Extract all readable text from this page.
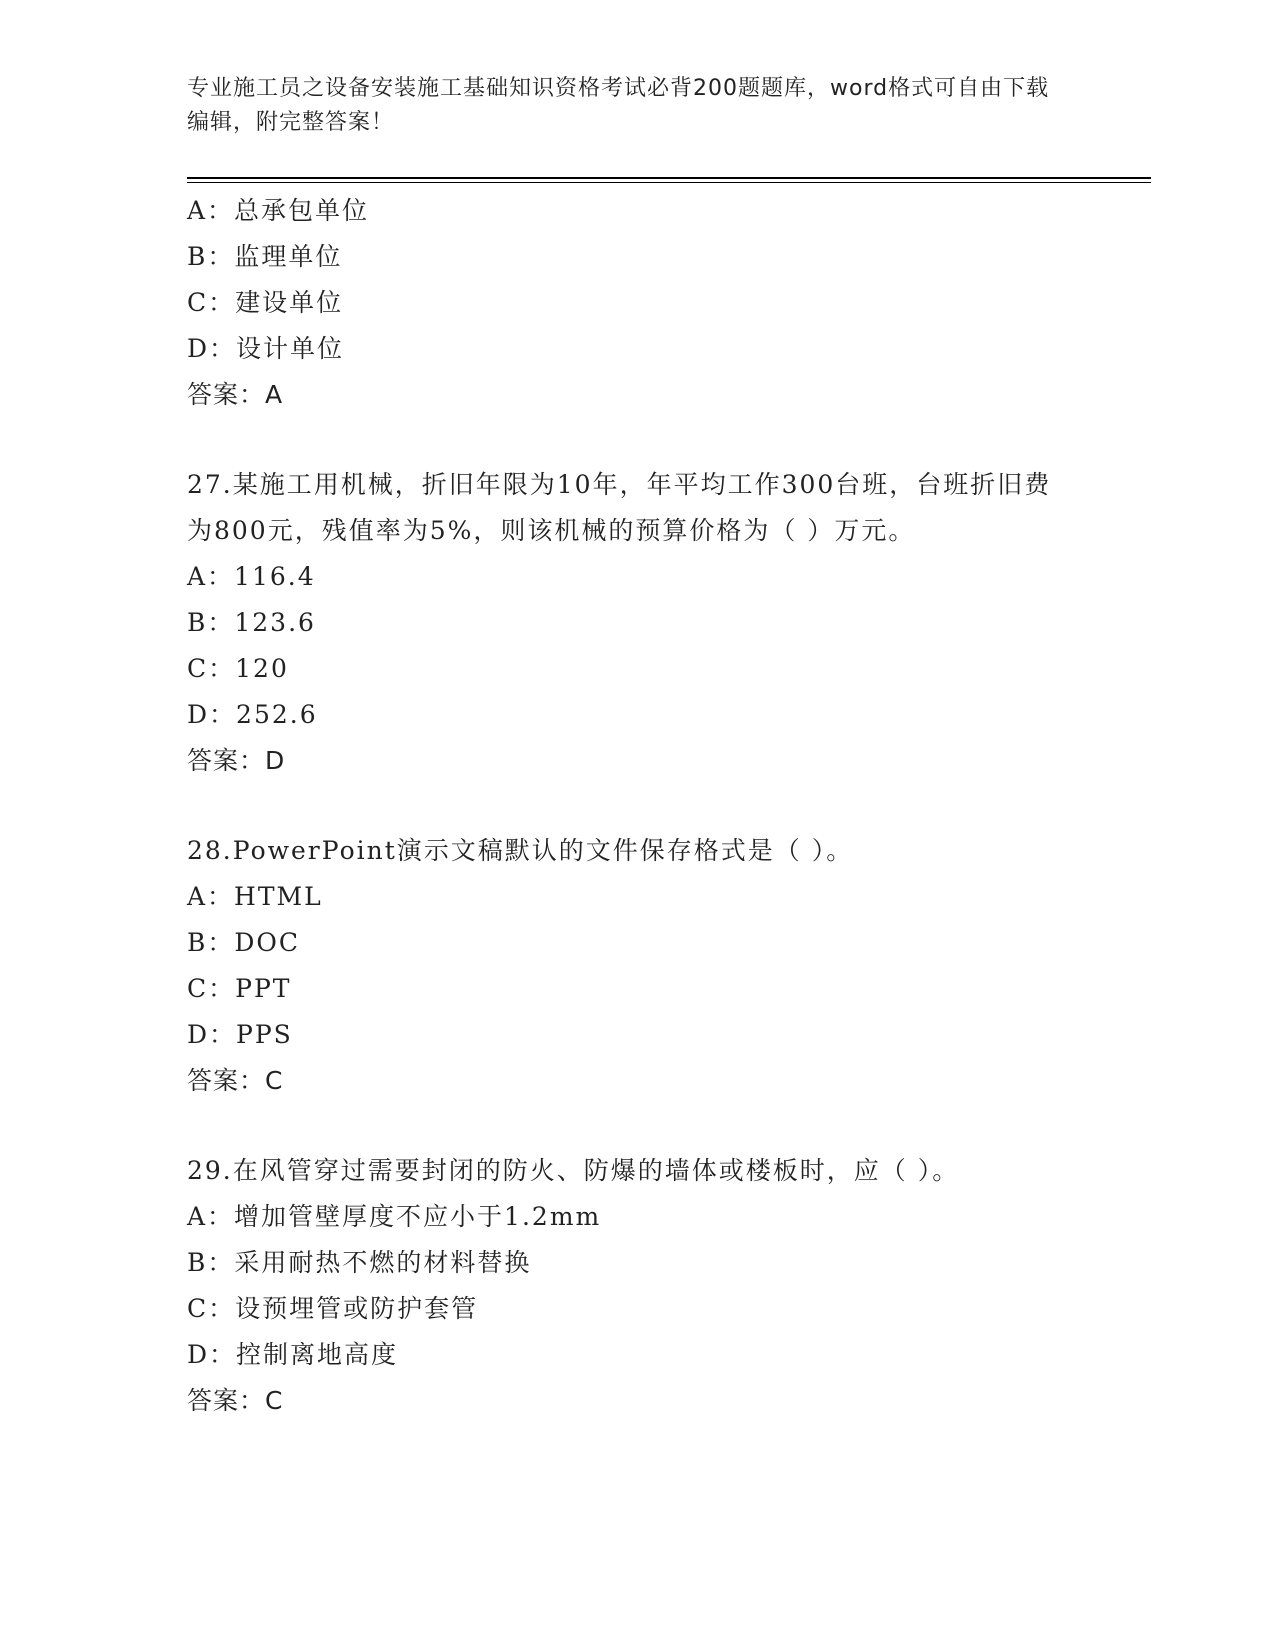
专业施工员之设备安装施工基础知识资格考试必背200题题库，word格式可自由下载编辑，附完整答案！
A：总承包单位
B：监理单位
C：建设单位
D：设计单位
答案：A
27.某施工用机械，折旧年限为10年，年平均工作300台班，台班折旧费为800元，残值率为5%，则该机械的预算价格为（ ）万元。
A：116.4
B：123.6
C：120
D：252.6
答案：D
28.PowerPoint演示文稿默认的文件保存格式是（ ）。
A：HTML
B：DOC
C：PPT
D：PPS
答案：C
29.在风管穿过需要封闭的防火、防爆的墙体或楼板时，应（ ）。
A：增加管壁厚度不应小于1.2mm
B：采用耐热不燃的材料替换
C：设预埋管或防护套管
D：控制离地高度
答案：C
